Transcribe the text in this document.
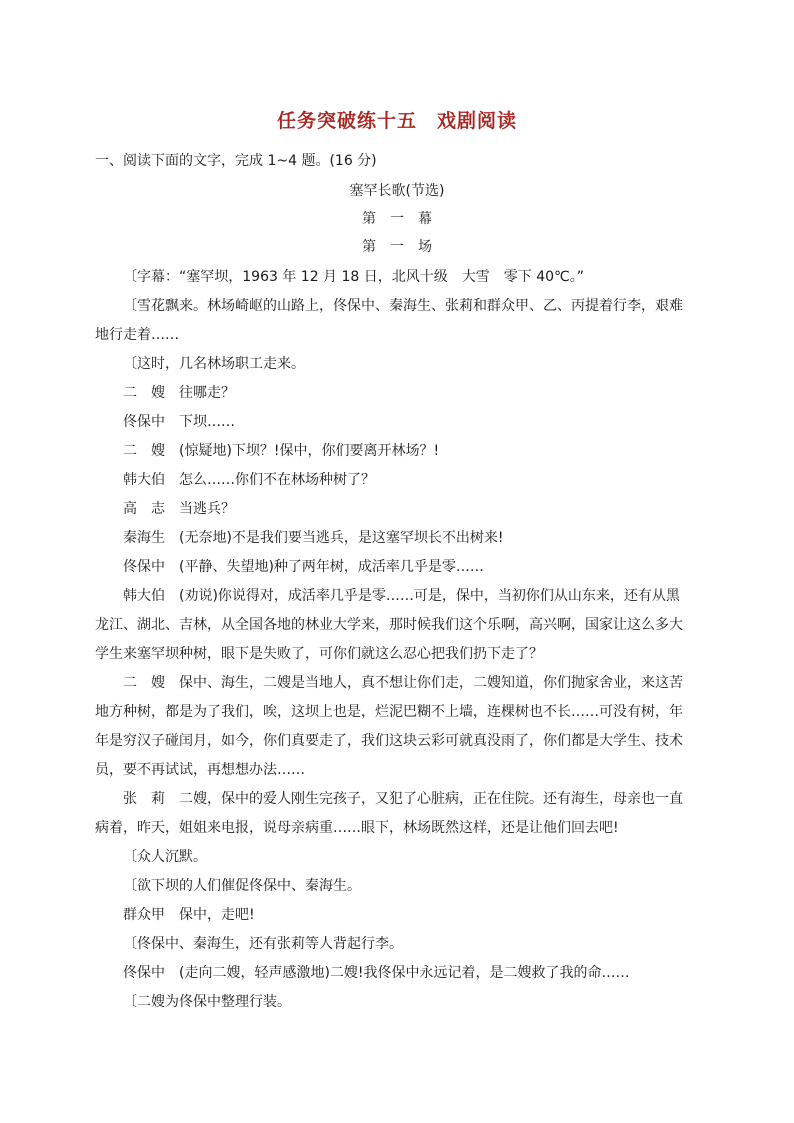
任务突破练十五　戏剧阅读
一、阅读下面的文字，完成 1~4 题。(16 分)
塞罕长歌(节选)
第　一　幕
第　一　场
〔字幕：“塞罕坝，1963 年 12 月 18 日，北风十级　大雪　零下 40℃。”
〔雪花飘来。林场崎岖的山路上，佟保中、秦海生、张莉和群众甲、乙、丙提着行李，艰难
地行走着……
〔这时，几名林场职工走来。
二　嫂　往哪走？
佟保中　下坝……
二　嫂　(惊疑地)下坝？!保中，你们要离开林场？!
韩大伯　怎么……你们不在林场种树了？
高　志　当逃兵？
秦海生　(无奈地)不是我们要当逃兵，是这塞罕坝长不出树来!
佟保中　(平静、失望地)种了两年树，成活率几乎是零……
韩大伯　(劝说)你说得对，成活率几乎是零……可是，保中，当初你们从山东来，还有从黑
龙江、湖北、吉林，从全国各地的林业大学来，那时候我们这个乐啊，高兴啊，国家让这么多大
学生来塞罕坝种树，眼下是失败了，可你们就这么忍心把我们扔下走了？
二　嫂　保中、海生，二嫂是当地人，真不想让你们走，二嫂知道，你们抛家舍业，来这苦
地方种树，都是为了我们，唉，这坝上也是，烂泥巴糊不上墙，连棵树也不长……可没有树，年
年是穷汉子碰闰月，如今，你们真要走了，我们这块云彩可就真没雨了，你们都是大学生、技术
员，要不再试试，再想想办法……
张　莉　二嫂，保中的爱人刚生完孩子，又犯了心脏病，正在住院。还有海生，母亲也一直
病着，昨天，姐姐来电报，说母亲病重……眼下，林场既然这样，还是让他们回去吧!
〔众人沉默。
〔欲下坝的人们催促佟保中、秦海生。
群众甲　保中，走吧!
〔佟保中、秦海生，还有张莉等人背起行李。
佟保中　(走向二嫂，轻声感激地)二嫂!我佟保中永远记着，是二嫂救了我的命……
〔二嫂为佟保中整理行装。
